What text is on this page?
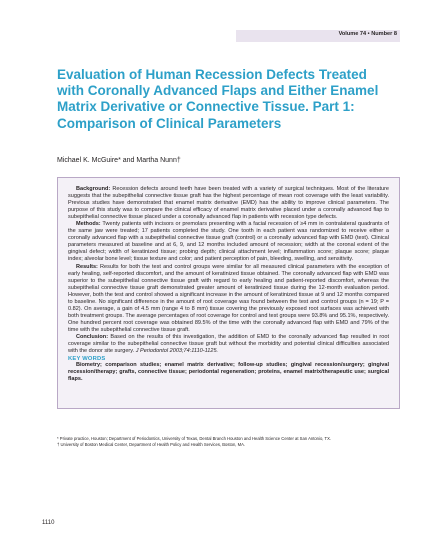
Volume 74 • Number 8
Evaluation of Human Recession Defects Treated with Coronally Advanced Flaps and Either Enamel Matrix Derivative or Connective Tissue. Part 1: Comparison of Clinical Parameters
Michael K. McGuire* and Martha Nunn†

Background: Recession defects around teeth have been treated with a variety of surgical techniques. Most of the literature suggests that the subepithelial connective tissue graft has the highest percentage of mean root coverage with the least variability. Previous studies have demonstrated that enamel matrix derivative (EMD) has the ability to improve clinical parameters. The purpose of this study was to compare the clinical efficacy of enamel matrix derivative placed under a coronally advanced flap to subepithelial connective tissue placed under a coronally advanced flap in patients with recession type defects.

Methods: Twenty patients with incisors or premolars presenting with a facial recession of ≥4 mm in contralateral quadrants of the same jaw were treated; 17 patients completed the study. One tooth in each patient was randomized to receive either a coronally advanced flap with a subepithelial connective tissue graft (control) or a coronally advanced flap with EMD (test). Clinical parameters measured at baseline and at 6, 9, and 12 months included amount of recession; width at the coronal extent of the gingival defect; width of keratinized tissue; probing depth; clinical attachment level; inflammation score; plaque score; plaque index; alveolar bone level; tissue texture and color; and patient perception of pain, bleeding, swelling, and sensitivity.

Results: Results for both the test and control groups were similar for all measured clinical parameters with the exception of early healing, self-reported discomfort, and the amount of keratinized tissue obtained. The coronally advanced flap with EMD was superior to the subepithelial connective tissue graft with regard to early healing and patient-reported discomfort, whereas the subepithelial connective tissue graft demonstrated greater amount of keratinized tissue during the 12-month evaluation period. However, both the test and control showed a significant increase in the amount of keratinized tissue at 9 and 12 months compared to baseline. No significant difference in the amount of root coverage was found between the test and control groups (n = 19; P = 0.82). On average, a gain of 4.5 mm (range 4 to 8 mm) tissue covering the previously exposed root surfaces was achieved with both treatment groups. The average percentages of root coverage for control and test groups were 93.8% and 95.1%, respectively. One hundred percent root coverage was obtained 89.5% of the time with the coronally advanced flap with EMD and 79% of the time with the subepithelial connective tissue graft.

Conclusion: Based on the results of this investigation, the addition of EMD to the coronally advanced flap resulted in root coverage similar to the subepithelial connective tissue graft but without the morbidity and potential clinical difficulties associated with the donor site surgery. J Periodontol 2003;74:1110-1125.

KEY WORDS

Biometry; comparison studies; enamel matrix derivative; follow-up studies; gingival recession/surgery; gingival recession/therapy; grafts, connective tissue; periodontal regeneration; proteins, enamel matrix/therapeutic use; surgical flaps.

* Private practice, Houston; Department of Periodontics, University of Texas, Dental Branch Houston and Health Science Center at San Antonio, TX.
† University of Boston Medical Center, Department of Health Policy and Health Services, Boston, MA.
1110
